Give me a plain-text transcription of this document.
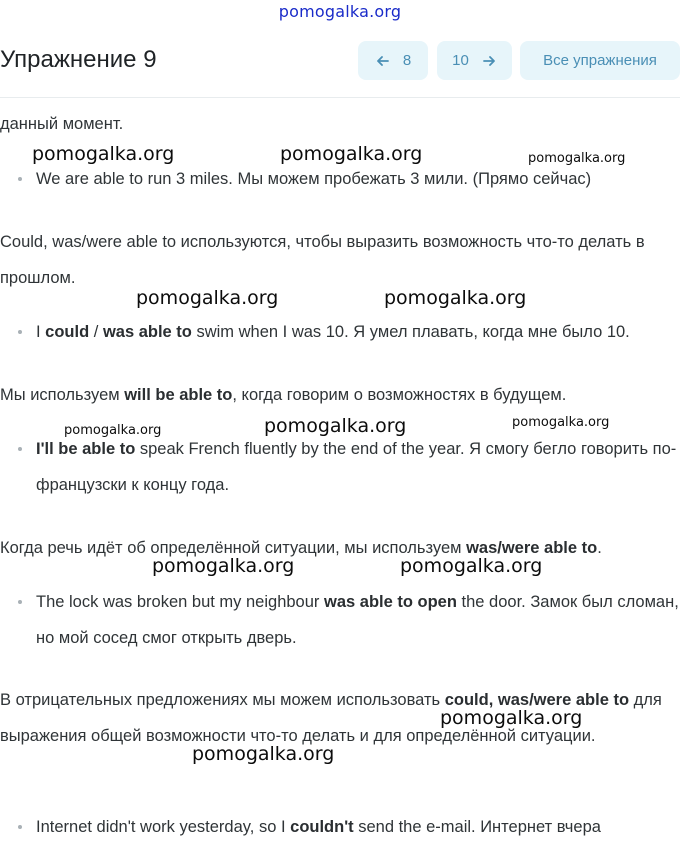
pomogalka.org
Упражнение 9	8	10	Все упражнения
данный момент.
We are able to run 3 miles. Мы можем пробежать 3 мили. (Прямо сейчас)
Could, was/were able to используются, чтобы выразить возможность что-то делать в прошлом.
I could / was able to swim when I was 10. Я умел плавать, когда мне было 10.
Мы используем will be able to, когда говорим о возможностях в будущем.
I'll be able to speak French fluently by the end of the year. Я смогу бегло говорить по-французски к концу года.
Когда речь идёт об определённой ситуации, мы используем was/were able to.
The lock was broken but my neighbour was able to open the door. Замок был сломан, но мой сосед смог открыть дверь.
В отрицательных предложениях мы можем использовать could, was/were able to для выражения общей возможности что-то делать и для определённой ситуации.
Internet didn't work yesterday, so I couldn't send the e-mail. Интернет вчера
pomogalka.org	pomogalka.org	pomogalka.org
pomogalka.org	pomogalka.org
pomogalka.org	pomogalka.org	pomogalka.org
pomogalka.org	pomogalka.org
pomogalka.org
pomogalka.org
